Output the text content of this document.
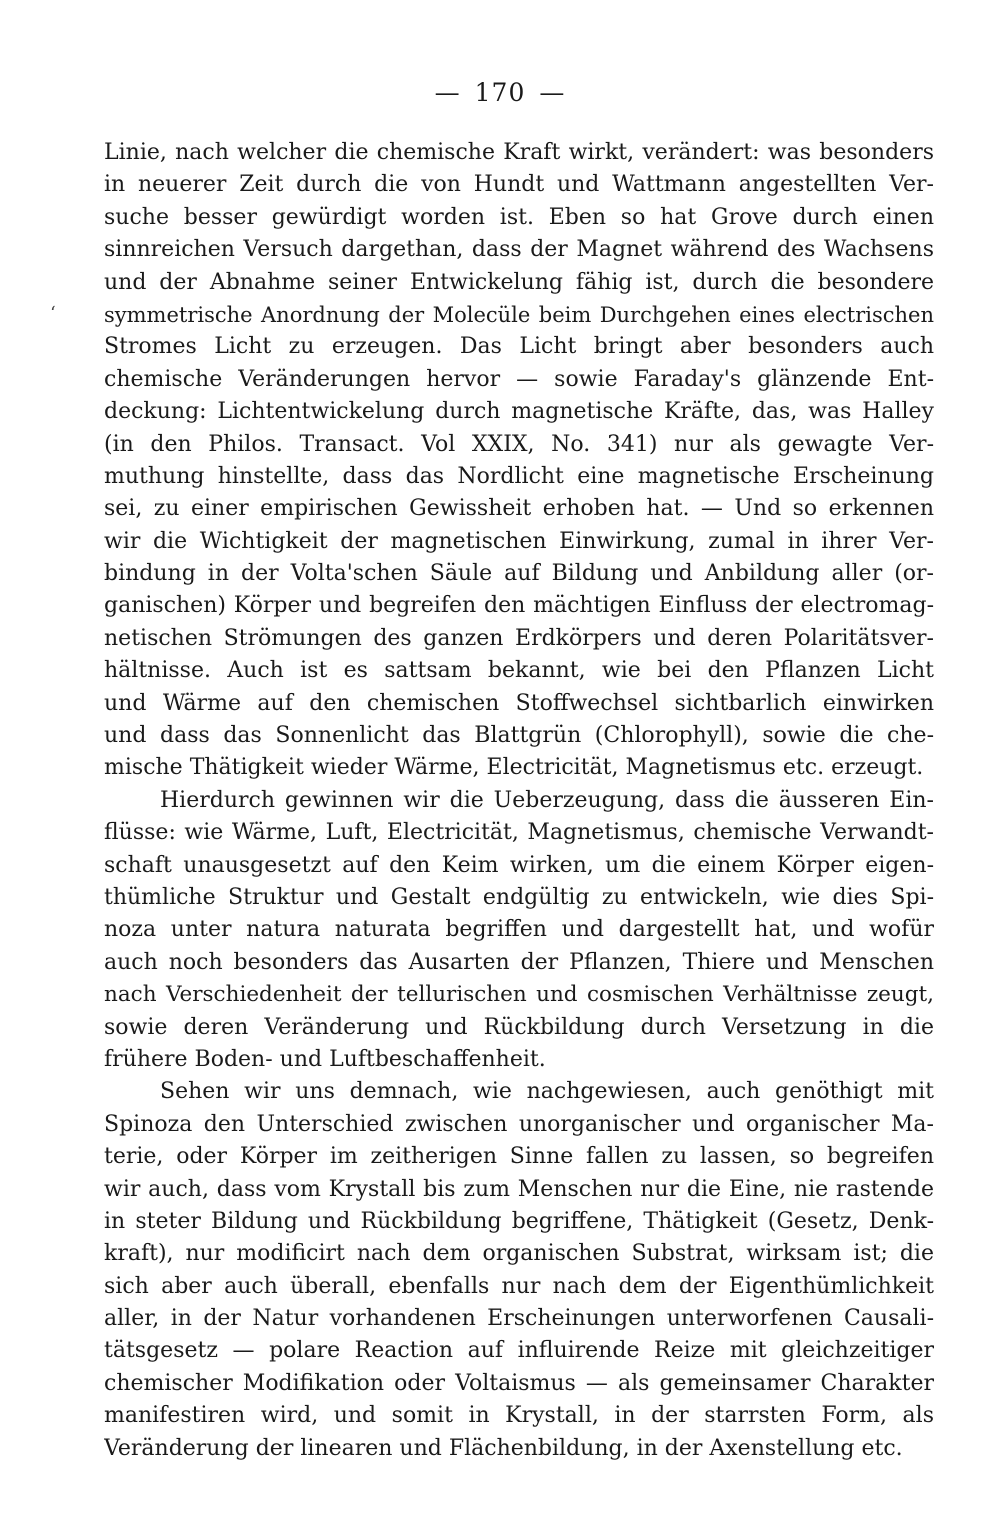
— 170 —
ʻ
Linie, nach welcher die chemische Kraft wirkt, verändert: was besonders
in neuerer Zeit durch die von Hundt und Wattmann angestellten Ver-
suche besser gewürdigt worden ist. Eben so hat Grove durch einen
sinnreichen Versuch dargethan, dass der Magnet während des Wachsens
und der Abnahme seiner Entwickelung fähig ist, durch die besondere
symmetrische Anordnung der Molecüle beim Durchgehen eines electrischen
Stromes Licht zu erzeugen. Das Licht bringt aber besonders auch
chemische Veränderungen hervor — sowie Faraday's glänzende Ent-
deckung: Lichtentwickelung durch magnetische Kräfte, das, was Halley
(in den Philos. Transact. Vol XXIX, No. 341) nur als gewagte Ver-
muthung hinstellte, dass das Nordlicht eine magnetische Erscheinung
sei, zu einer empirischen Gewissheit erhoben hat. — Und so erkennen
wir die Wichtigkeit der magnetischen Einwirkung, zumal in ihrer Ver-
bindung in der Volta'schen Säule auf Bildung und Anbildung aller (or-
ganischen) Körper und begreifen den mächtigen Einfluss der electromag-
netischen Strömungen des ganzen Erdkörpers und deren Polaritätsver-
hältnisse. Auch ist es sattsam bekannt, wie bei den Pflanzen Licht
und Wärme auf den chemischen Stoffwechsel sichtbarlich einwirken
und dass das Sonnenlicht das Blattgrün (Chlorophyll), sowie die che-
mische Thätigkeit wieder Wärme, Electricität, Magnetismus etc. erzeugt.
Hierdurch gewinnen wir die Ueberzeugung, dass die äusseren Ein-
flüsse: wie Wärme, Luft, Electricität, Magnetismus, chemische Verwandt-
schaft unausgesetzt auf den Keim wirken, um die einem Körper eigen-
thümliche Struktur und Gestalt endgültig zu entwickeln, wie dies Spi-
noza unter natura naturata begriffen und dargestellt hat, und wofür
auch noch besonders das Ausarten der Pflanzen, Thiere und Menschen
nach Verschiedenheit der tellurischen und cosmischen Verhältnisse zeugt,
sowie deren Veränderung und Rückbildung durch Versetzung in die
frühere Boden- und Luftbeschaffenheit.
Sehen wir uns demnach, wie nachgewiesen, auch genöthigt mit
Spinoza den Unterschied zwischen unorganischer und organischer Ma-
terie, oder Körper im zeitherigen Sinne fallen zu lassen, so begreifen
wir auch, dass vom Krystall bis zum Menschen nur die Eine, nie rastende
in steter Bildung und Rückbildung begriffene, Thätigkeit (Gesetz, Denk-
kraft), nur modificirt nach dem organischen Substrat, wirksam ist; die
sich aber auch überall, ebenfalls nur nach dem der Eigenthümlichkeit
aller, in der Natur vorhandenen Erscheinungen unterworfenen Causali-
tätsgesetz — polare Reaction auf influirende Reize mit gleichzeitiger
chemischer Modifikation oder Voltaismus — als gemeinsamer Charakter
manifestiren wird, und somit in Krystall, in der starrsten Form, als
Veränderung der linearen und Flächenbildung, in der Axenstellung etc.
